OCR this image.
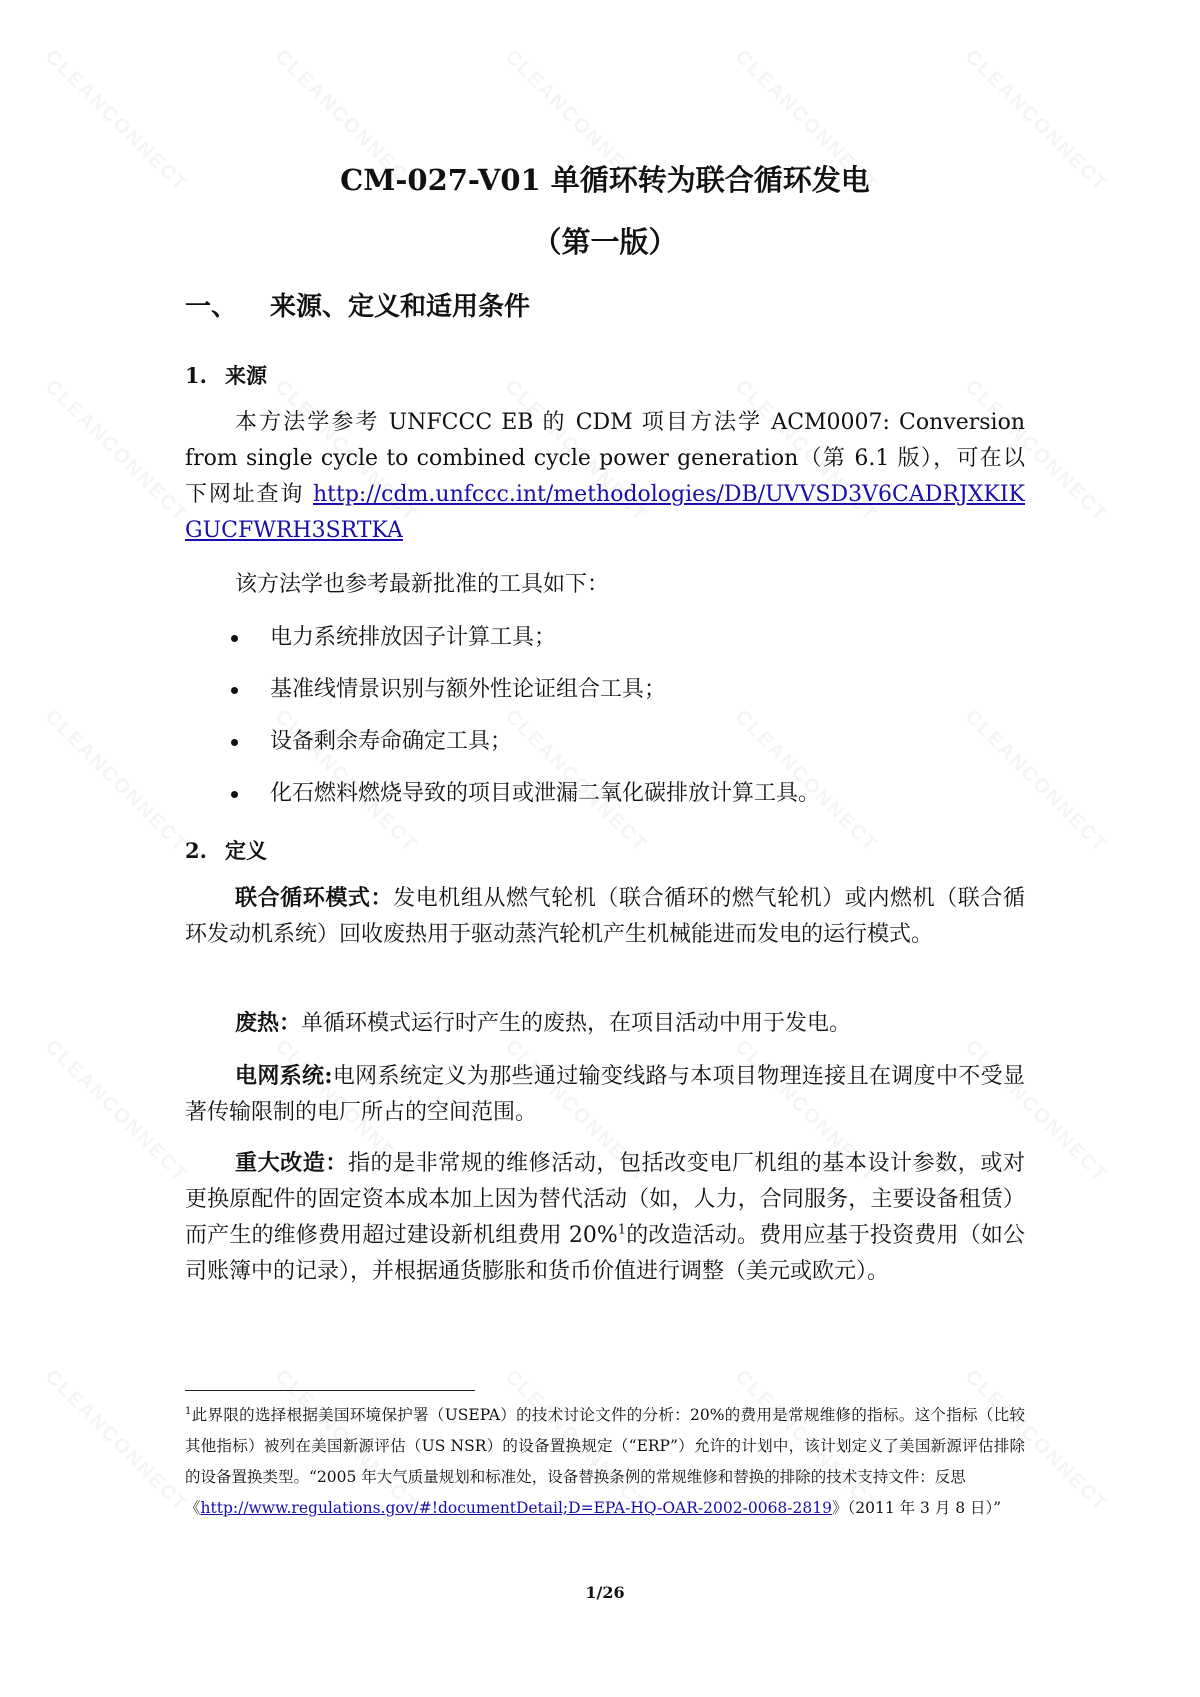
CM-027-V01 单循环转为联合循环发电
（第一版）
一、 来源、定义和适用条件
1. 来源
本方法学参考 UNFCCC EB 的 CDM 项目方法学 ACM0007: Conversion from single cycle to combined cycle power generation（第 6.1 版），可在以下网址查询 http://cdm.unfccc.int/methodologies/DB/UVVSD3V6CADRJXKIKGUCFWRH3SRTKA
该方法学也参考最新批准的工具如下：
电力系统排放因子计算工具；
基准线情景识别与额外性论证组合工具；
设备剩余寿命确定工具；
化石燃料燃烧导致的项目或泄漏二氧化碳排放计算工具。
2. 定义
联合循环模式：发电机组从燃气轮机（联合循环的燃气轮机）或内燃机（联合循环发动机系统）回收废热用于驱动蒸汽轮机产生机械能进而发电的运行模式。
废热：单循环模式运行时产生的废热，在项目活动中用于发电。
电网系统:电网系统定义为那些通过输变线路与本项目物理连接且在调度中不受显著传输限制的电厂所占的空间范围。
重大改造：指的是非常规的维修活动，包括改变电厂机组的基本设计参数，或对更换原配件的固定资本成本加上因为替代活动（如，人力，合同服务，主要设备租赁）而产生的维修费用超过建设新机组费用 20%$^1$的改造活动。费用应基于投资费用（如公司账簿中的记录），并根据通货膨胀和货币价值进行调整（美元或欧元）。
$^1$此界限的选择根据美国环境保护署（USEPA）的技术讨论文件的分析：20%的费用是常规维修的指标。这个指标（比较其他指标）被列在美国新源评估（US NSR）的设备置换规定（“ERP”）允许的计划中，该计划定义了美国新源评估排除的设备置换类型。“2005 年大气质量规划和标准处，设备替换条例的常规维修和替换的排除的技术支持文件：反思
《http://www.regulations.gov/#!documentDetail;D=EPA-HQ-OAR-2002-0068-2819》（2011 年 3 月 8 日）”
1/26
